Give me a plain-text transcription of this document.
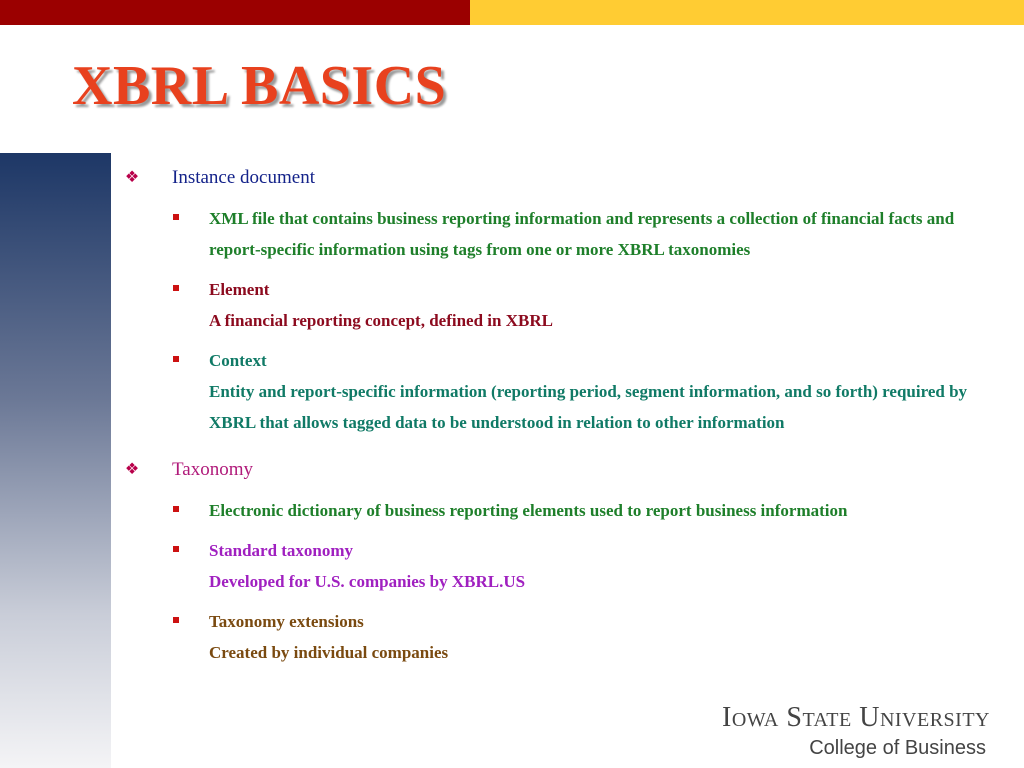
XBRL BASICS
❖ Instance document
XML file that contains business reporting information and represents a collection of financial facts and report-specific information using tags from one or more XBRL taxonomies
Element
A financial reporting concept, defined in XBRL
Context
Entity and report-specific information (reporting period, segment information, and so forth) required by XBRL that allows tagged data to be understood in relation to other information
❖ Taxonomy
Electronic dictionary of business reporting elements used to report business information
Standard taxonomy
Developed for U.S. companies by XBRL.US
Taxonomy extensions
Created by individual companies
Iowa State University
College of Business
